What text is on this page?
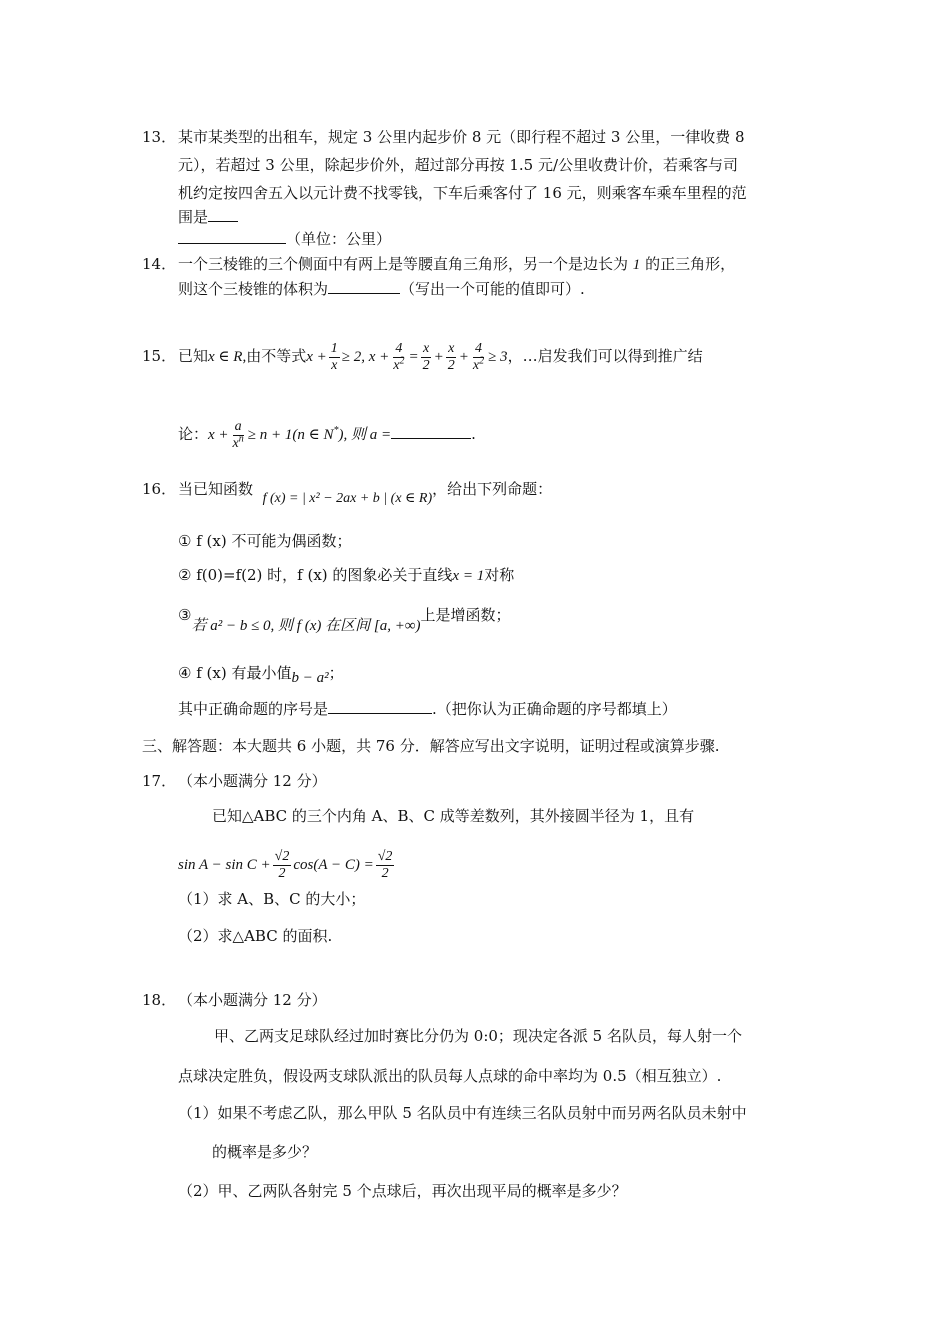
13． 某市某类型的出租车，规定 3 公里内起步价 8 元（即行程不超过 3 公里，一律收费 8
元），若超过 3 公里，除起步价外，超过部分再按 1.5 元/公里收费计价，若乘客与司
机约定按四舍五入以元计费不找零钱，下车后乘客付了 16 元，则乘客车乘车里程的范
围是
（单位：公里）
14． 一个三棱锥的三个侧面中有两上是等腰直角三角形，另一个是边长为 1 的正三角形，
则这个三棱锥的体积为	（写出一个可能的值即可）.
15． 已知x ∈ R,由不等式$x + \frac{1}{x} \ge 2$, $x + \frac{4}{x^2} = \frac{x}{2} + \frac{x}{2} + \frac{4}{x^2} \ge 3$，…启发我们可以得到推广结
论：$x + \frac{a}{x^n} \ge n + 1(n$ ∈ N*), 则 a =	.
16． 当已知函数  f (x) = | x² − 2ax + b | (x ∈ R)，给出下列命题：
① f (x) 不可能为偶函数；
② f(0)=f(2) 时，f (x) 的图象必关于直线x = 1对称
③若 a² − b ≤ 0, 则 f (x) 在区间 [a, +∞)上是增函数；
④ f (x) 有最小值b − a²；
其中正确命题的序号是	.（把你认为正确命题的序号都填上）
三、解答题：本大题共 6 小题，共 76 分．解答应写出文字说明，证明过程或演算步骤.
17． （本小题满分 12 分）
已知△ABC 的三个内角 A、B、C 成等差数列，其外接圆半径为 1，且有
$\sin A - \sin C + \frac{√2}{2} \cos(A - C) = \frac{√2}{2}$
（1）求 A、B、C 的大小；
（2）求△ABC 的面积.
18． （本小题满分 12 分）
甲、乙两支足球队经过加时赛比分仍为 0:0；现决定各派 5 名队员，每人射一个
点球决定胜负，假设两支球队派出的队员每人点球的命中率均为 0.5（相互独立）.
（1）如果不考虑乙队，那么甲队 5 名队员中有连续三名队员射中而另两名队员未射中
的概率是多少？
（2）甲、乙两队各射完 5 个点球后，再次出现平局的概率是多少？
